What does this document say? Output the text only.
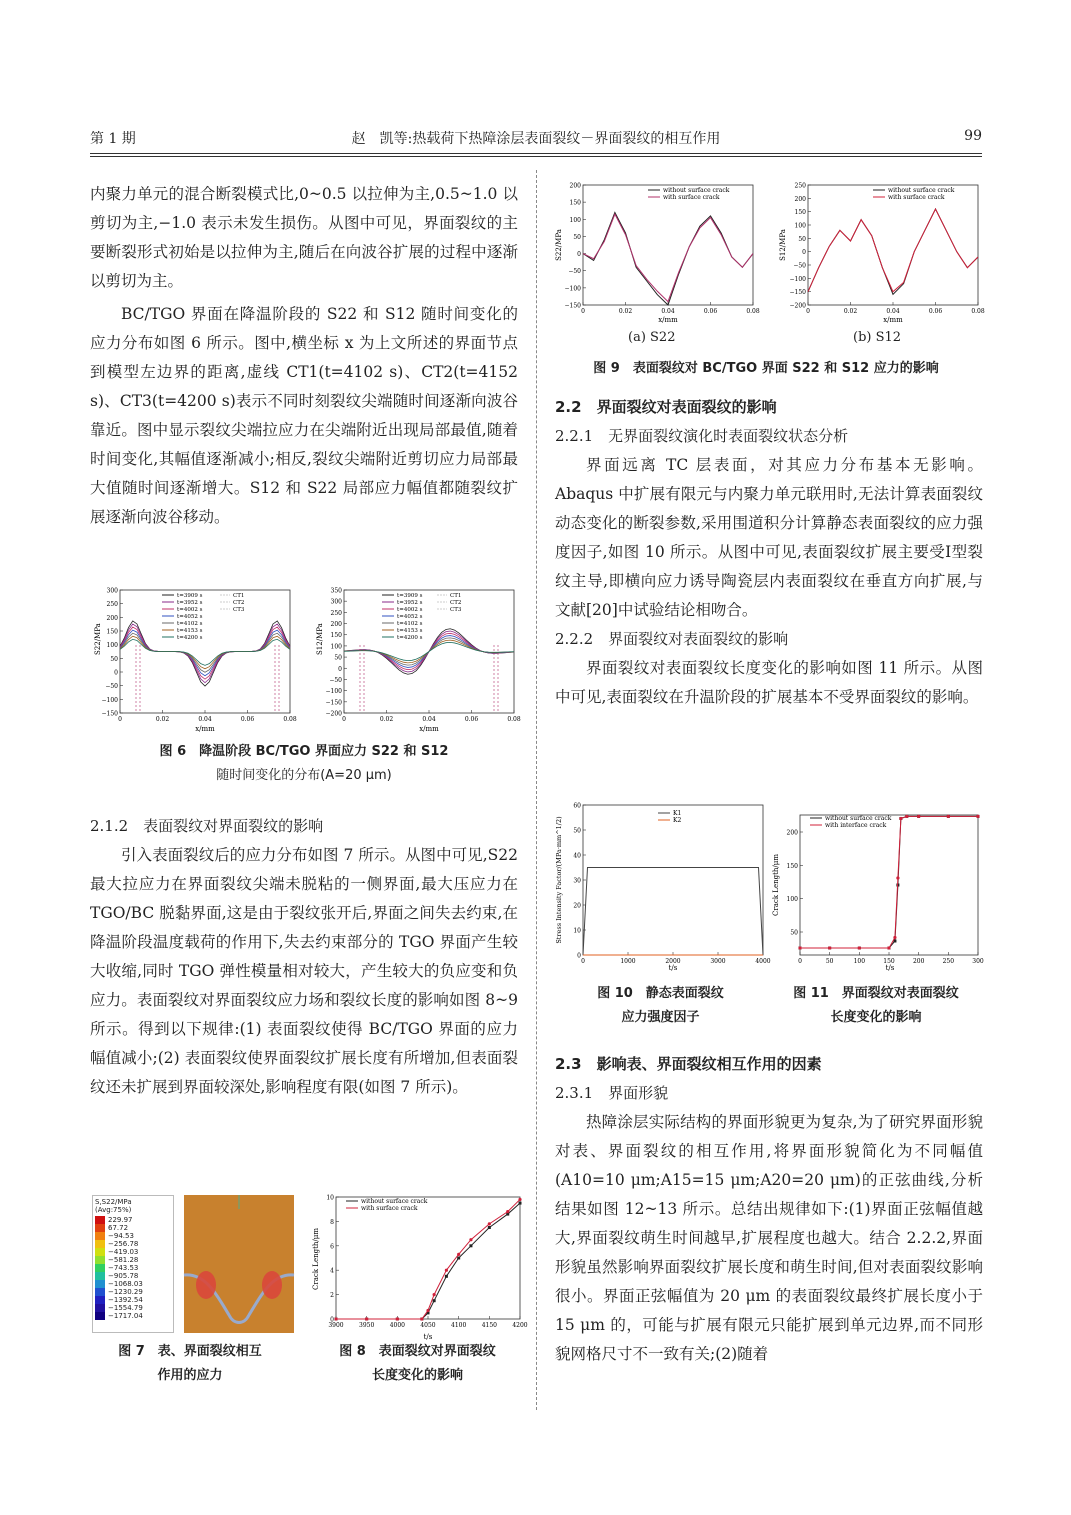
第 1 期	赵　凯等:热载荷下热障涂层表面裂纹－界面裂纹的相互作用	99

内聚力单元的混合断裂模式比,0~0.5 以拉伸为主,0.5~1.0 以剪切为主,−1.0 表示未发生损伤。从图中可见，界面裂纹的主要断裂形式初始是以拉伸为主,随后在向波谷扩展的过程中逐渐以剪切为主。

BC/TGO 界面在降温阶段的 S22 和 S12 随时间变化的应力分布如图 6 所示。图中,横坐标 x 为上文所述的界面节点到模型左边界的距离,虚线 CT1(t=4102 s)、CT2(t=4152 s)、CT3(t=4200 s)表示不同时刻裂纹尖端随时间逐渐向波谷靠近。图中显示裂纹尖端拉应力在尖端附近出现局部最值,随着时间变化,其幅值逐渐减小;相反,裂纹尖端附近剪切应力局部最大值随时间逐渐增大。S12 和 S22 局部应力幅值都随裂纹扩展逐渐向波谷移动。

300
250
200
150
100
50
0
−50
−100
−150
0	0.02	0.04	0.06	0.08
t=3909 s
t=3952 s
t=4002 s
t=4052 s
t=4102 s
t=4153 s
t=4200 s
CT1
CT2
CT3
S22/MPa
x/mm
350
300
250
200
150
100
50
0
−50
−100
−150
−200
0	0.02	0.04	0.06	0.08
t=3909 s
t=3952 s
t=4002 s
t=4052 s
t=4102 s
t=4153 s
t=4200 s
CT1
CT2
CT3
S12/MPa
x/mm
图 6　降温阶段 BC/TGO 界面应力 S22 和 S12
随时间变化的分布(A=20 μm)

2.1.2　表面裂纹对界面裂纹的影响

引入表面裂纹后的应力分布如图 7 所示。从图中可见,S22 最大拉应力在界面裂纹尖端未脱粘的一侧界面,最大压应力在 TGO/BC 脱黏界面,这是由于裂纹张开后,界面之间失去约束,在降温阶段温度载荷的作用下,失去约束部分的 TGO 界面产生较大收缩,同时 TGO 弹性模量相对较大，产生较大的负应变和负应力。表面裂纹对界面裂纹应力场和裂纹长度的影响如图 8~9 所示。得到以下规律:(1) 表面裂纹使得 BC/TGO 界面的应力幅值减小;(2) 表面裂纹使界面裂纹扩展长度有所增加,但表面裂纹还未扩展到界面较深处,影响程度有限(如图 7 所示)。

S,S22/MPa
(Avg:75%)
229.97
67.72
−94.53
−256.78
−419.03
−581.28
−743.53
−905.78
−1068.03
−1230.29
−1392.54
−1554.79
−1717.04
图 7　表、界面裂纹相互
作用的应力
10
8
6
4
2
0
3900	3950	4000	4050	4100	4150	4200
without surface crack
with surface crack
Crack Length/μm
t/s
图 8　表面裂纹对界面裂纹
长度变化的影响
200
150
100
50
0
−50
−100
−150
0	0.02	0.04	0.06	0.08
without surface crack
with surface crack
S22/MPa
x/mm
250
200
150
100
50
0
−50
−100
−150
−200
0	0.02	0.04	0.06	0.08
without surface crack
with surface crack
S12/MPa
x/mm
(a) S22	(b) S12
图 9　表面裂纹对 BC/TGO 界面 S22 和 S12 应力的影响

2.2　界面裂纹对表面裂纹的影响

2.2.1　无界面裂纹演化时表面裂纹状态分析

界面远离 TC 层表面，对其应力分布基本无影响。Abaqus 中扩展有限元与内聚力单元联用时,无法计算表面裂纹动态变化的断裂参数,采用围道积分计算静态表面裂纹的应力强度因子,如图 10 所示。从图中可见,表面裂纹扩展主要受Ⅰ型裂纹主导,即横向应力诱导陶瓷层内表面裂纹在垂直方向扩展,与文献[20]中试验结论相吻合。

2.2.2　界面裂纹对表面裂纹的影响

界面裂纹对表面裂纹长度变化的影响如图 11 所示。从图中可见,表面裂纹在升温阶段的扩展基本不受界面裂纹的影响。

60
50
40
30
20
10
0
0	1000	2000	3000	4000
K1
K2
Stress Intensity Factor/(MPa·mm^1/2)
t/s
图 10　静态表面裂纹
应力强度因子
200
150
100
50
0	50	100	150	200	250	300
without surface crack
with interface crack
Crack Length/μm
t/s
图 11　界面裂纹对表面裂纹
长度变化的影响

2.3　影响表、界面裂纹相互作用的因素

2.3.1　界面形貌

热障涂层实际结构的界面形貌更为复杂,为了研究界面形貌对表、界面裂纹的相互作用,将界面形貌简化为不同幅值(A10=10 μm;A15=15 μm;A20=20 μm)的正弦曲线,分析结果如图 12~13 所示。总结出规律如下:(1)界面正弦幅值越大,界面裂纹萌生时间越早,扩展程度也越大。结合 2.2.2,界面形貌虽然影响界面裂纹扩展长度和萌生时间,但对表面裂纹影响很小。界面正弦幅值为 20 μm 的表面裂纹最终扩展长度小于 15 μm 的，可能与扩展有限元只能扩展到单元边界,而不同形貌网格尺寸不一致有关;(2)随着
